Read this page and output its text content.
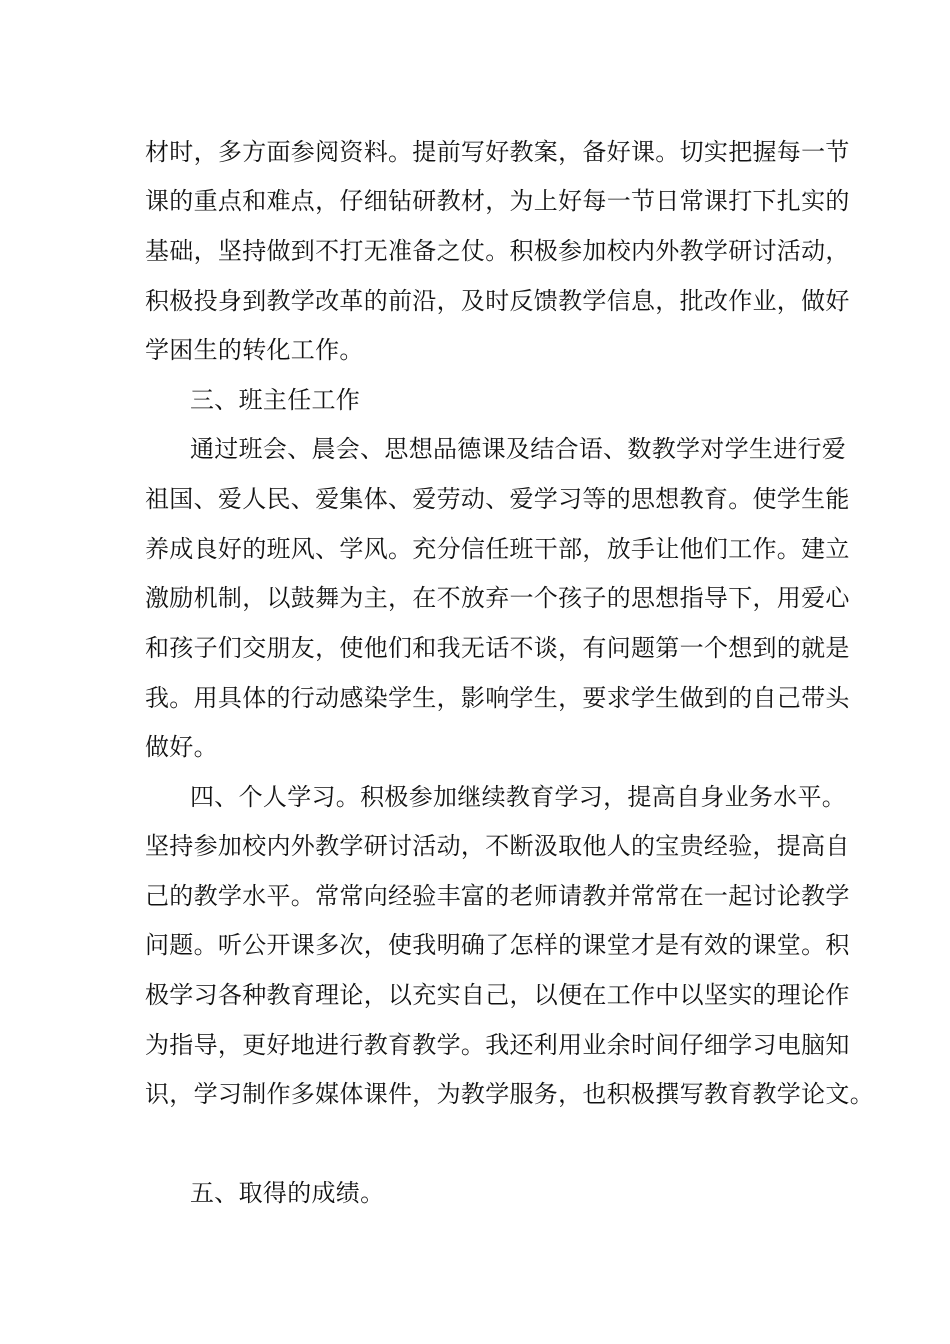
材时，多方面参阅资料。提前写好教案，备好课。切实把握每一节
课的重点和难点，仔细钻研教材，为上好每一节日常课打下扎实的
基础，坚持做到不打无准备之仗。积极参加校内外教学研讨活动，
积极投身到教学改革的前沿，及时反馈教学信息，批改作业，做好
学困生的转化工作。
三、班主任工作
通过班会、晨会、思想品德课及结合语、数教学对学生进行爱
祖国、爱人民、爱集体、爱劳动、爱学习等的思想教育。使学生能
养成良好的班风、学风。充分信任班干部，放手让他们工作。建立
激励机制，以鼓舞为主，在不放弃一个孩子的思想指导下，用爱心
和孩子们交朋友，使他们和我无话不谈，有问题第一个想到的就是
我。用具体的行动感染学生，影响学生，要求学生做到的自己带头
做好。
四、个人学习。积极参加继续教育学习，提高自身业务水平。
坚持参加校内外教学研讨活动，不断汲取他人的宝贵经验，提高自
己的教学水平。常常向经验丰富的老师请教并常常在一起讨论教学
问题。听公开课多次，使我明确了怎样的课堂才是有效的课堂。积
极学习各种教育理论，以充实自己，以便在工作中以坚实的理论作
为指导，更好地进行教育教学。我还利用业余时间仔细学习电脑知
识，学习制作多媒体课件，为教学服务，也积极撰写教育教学论文。
五、取得的成绩。
